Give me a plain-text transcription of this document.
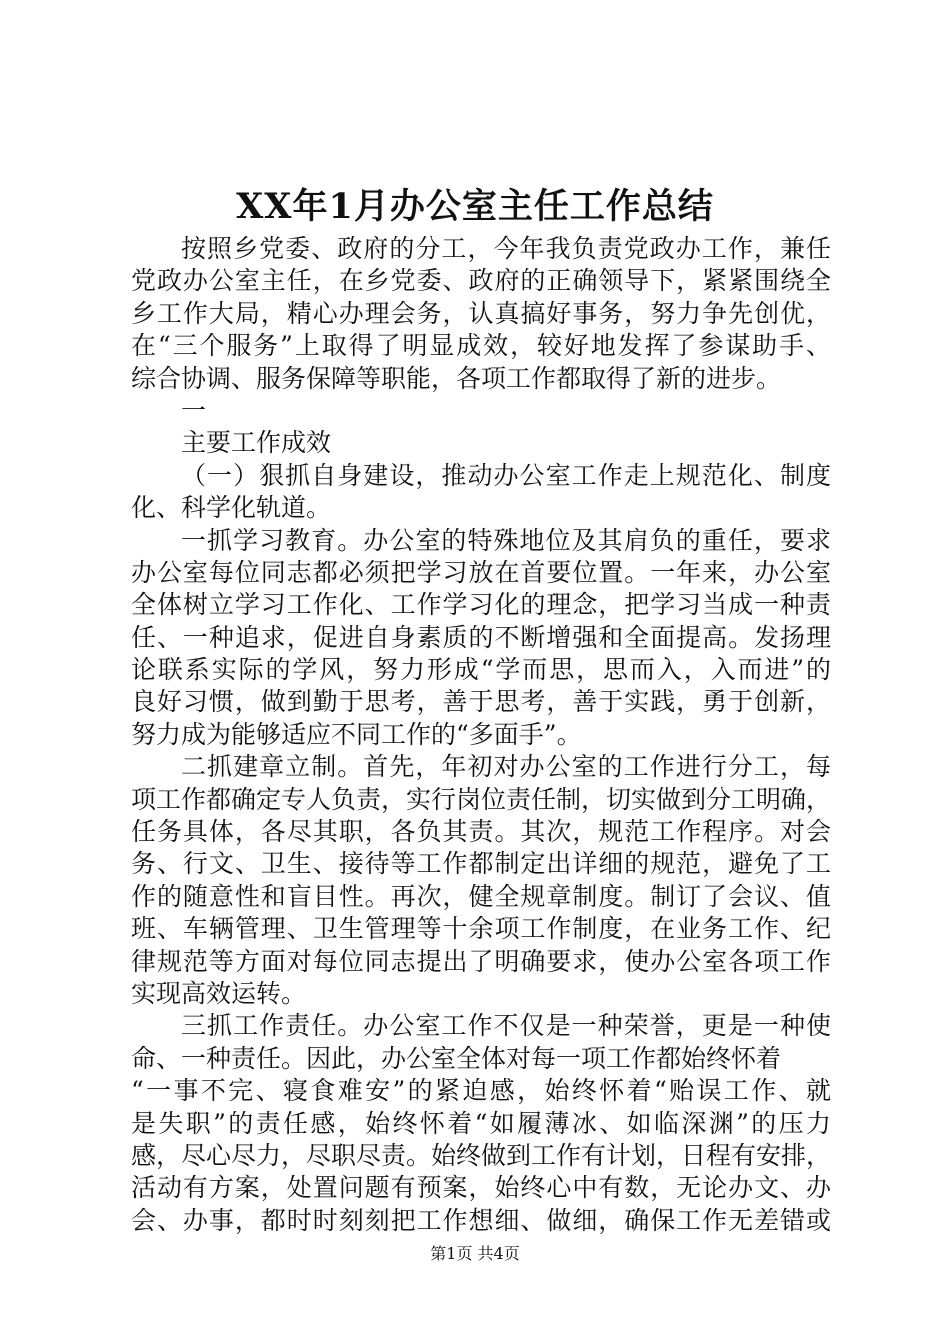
XX年1月办公室主任工作总结
按照乡党委、政府的分工，今年我负责党政办工作，兼任
党政办公室主任，在乡党委、政府的正确领导下，紧紧围绕全
乡工作大局，精心办理会务，认真搞好事务，努力争先创优，
在“三个服务”上取得了明显成效，较好地发挥了参谋助手、
综合协调、服务保障等职能，各项工作都取得了新的进步。
一
主要工作成效
（一）狠抓自身建设，推动办公室工作走上规范化、制度
化、科学化轨道。
一抓学习教育。办公室的特殊地位及其肩负的重任，要求
办公室每位同志都必须把学习放在首要位置。一年来，办公室
全体树立学习工作化、工作学习化的理念，把学习当成一种责
任、一种追求，促进自身素质的不断增强和全面提高。发扬理
论联系实际的学风，努力形成“学而思，思而入，入而进”的
良好习惯，做到勤于思考，善于思考，善于实践，勇于创新，
努力成为能够适应不同工作的“多面手”。
二抓建章立制。首先，年初对办公室的工作进行分工，每
项工作都确定专人负责，实行岗位责任制，切实做到分工明确，
任务具体，各尽其职，各负其责。其次，规范工作程序。对会
务、行文、卫生、接待等工作都制定出详细的规范，避免了工
作的随意性和盲目性。再次，健全规章制度。制订了会议、值
班、车辆管理、卫生管理等十余项工作制度，在业务工作、纪
律规范等方面对每位同志提出了明确要求，使办公室各项工作
实现高效运转。
三抓工作责任。办公室工作不仅是一种荣誉，更是一种使
命、一种责任。因此，办公室全体对每一项工作都始终怀着
“一事不完、寝食难安”的紧迫感，始终怀着“贻误工作、就
是失职”的责任感，始终怀着“如履薄冰、如临深渊”的压力
感，尽心尽力，尽职尽责。始终做到工作有计划，日程有安排，
活动有方案，处置问题有预案，始终心中有数，无论办文、办
会、办事，都时时刻刻把工作想细、做细，确保工作无差错或
第1页 共4页
